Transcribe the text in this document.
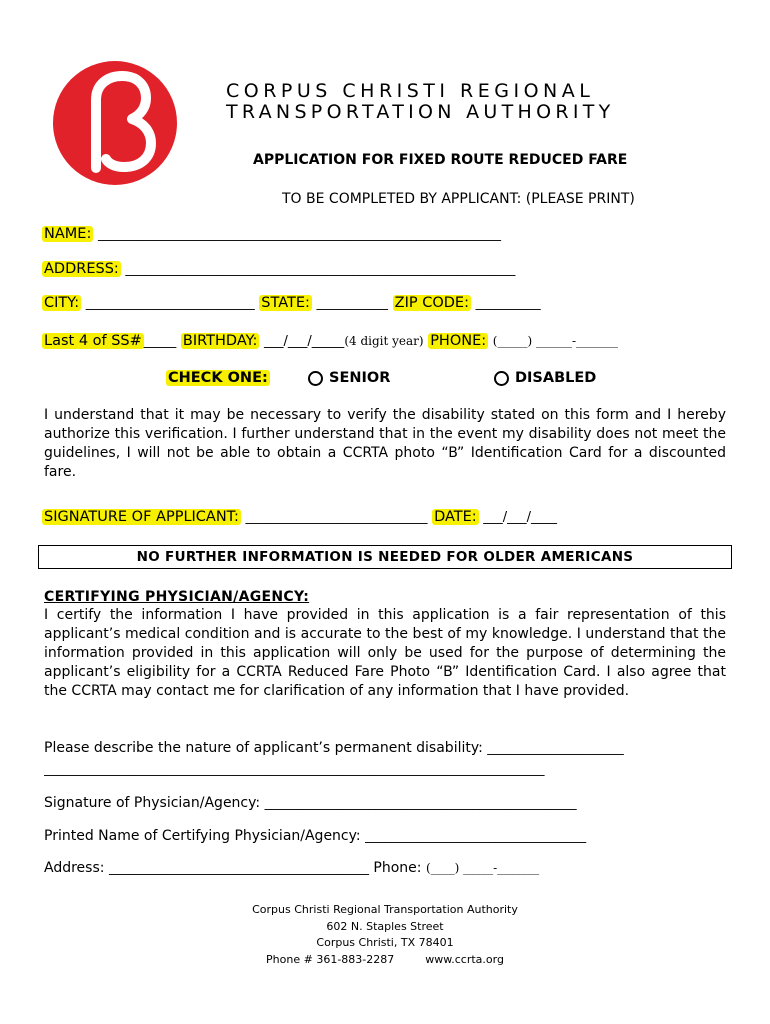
CORPUS CHRISTI REGIONAL
TRANSPORTATION AUTHORITY
APPLICATION FOR FIXED ROUTE REDUCED FARE
TO BE COMPLETED BY APPLICANT: (PLEASE PRINT)
NAME: ______________________________________________________________
ADDRESS: ____________________________________________________________
CITY: __________________________ STATE: ___________ ZIP CODE: __________
Last 4 of SS# _____ BIRTHDAY: ___/___/_____(4 digit year) PHONE: (_____) ______-_______
CHECK ONE:	SENIOR	DISABLED
I understand that it may be necessary to verify the disability stated on this form and I hereby authorize this verification. I further understand that in the event my disability does not meet the guidelines, I will not be able to obtain a CCRTA photo “B” Identification Card for a discounted fare.
SIGNATURE OF APPLICANT: ____________________________ DATE: ___/___/____
NO FURTHER INFORMATION IS NEEDED FOR OLDER AMERICANS
CERTIFYING PHYSICIAN/AGENCY:
I certify the information I have provided in this application is a fair representation of this applicant’s medical condition and is accurate to the best of my knowledge. I understand that the information provided in this application will only be used for the purpose of determining the applicant’s eligibility for a CCRTA Reduced Fare Photo “B” Identification Card. I also agree that the CCRTA may contact me for clarification of any information that I have provided.
Please describe the nature of applicant’s permanent disability: _____________________
_____________________________________________________________________________
Signature of Physician/Agency: ________________________________________________
Printed Name of Certifying Physician/Agency: __________________________________
Address: ________________________________________ Phone: (____) _____-_______
Corpus Christi Regional Transportation Authority
602 N. Staples Street
Corpus Christi, TX 78401
Phone # 361-883-2287	www.ccrta.org
